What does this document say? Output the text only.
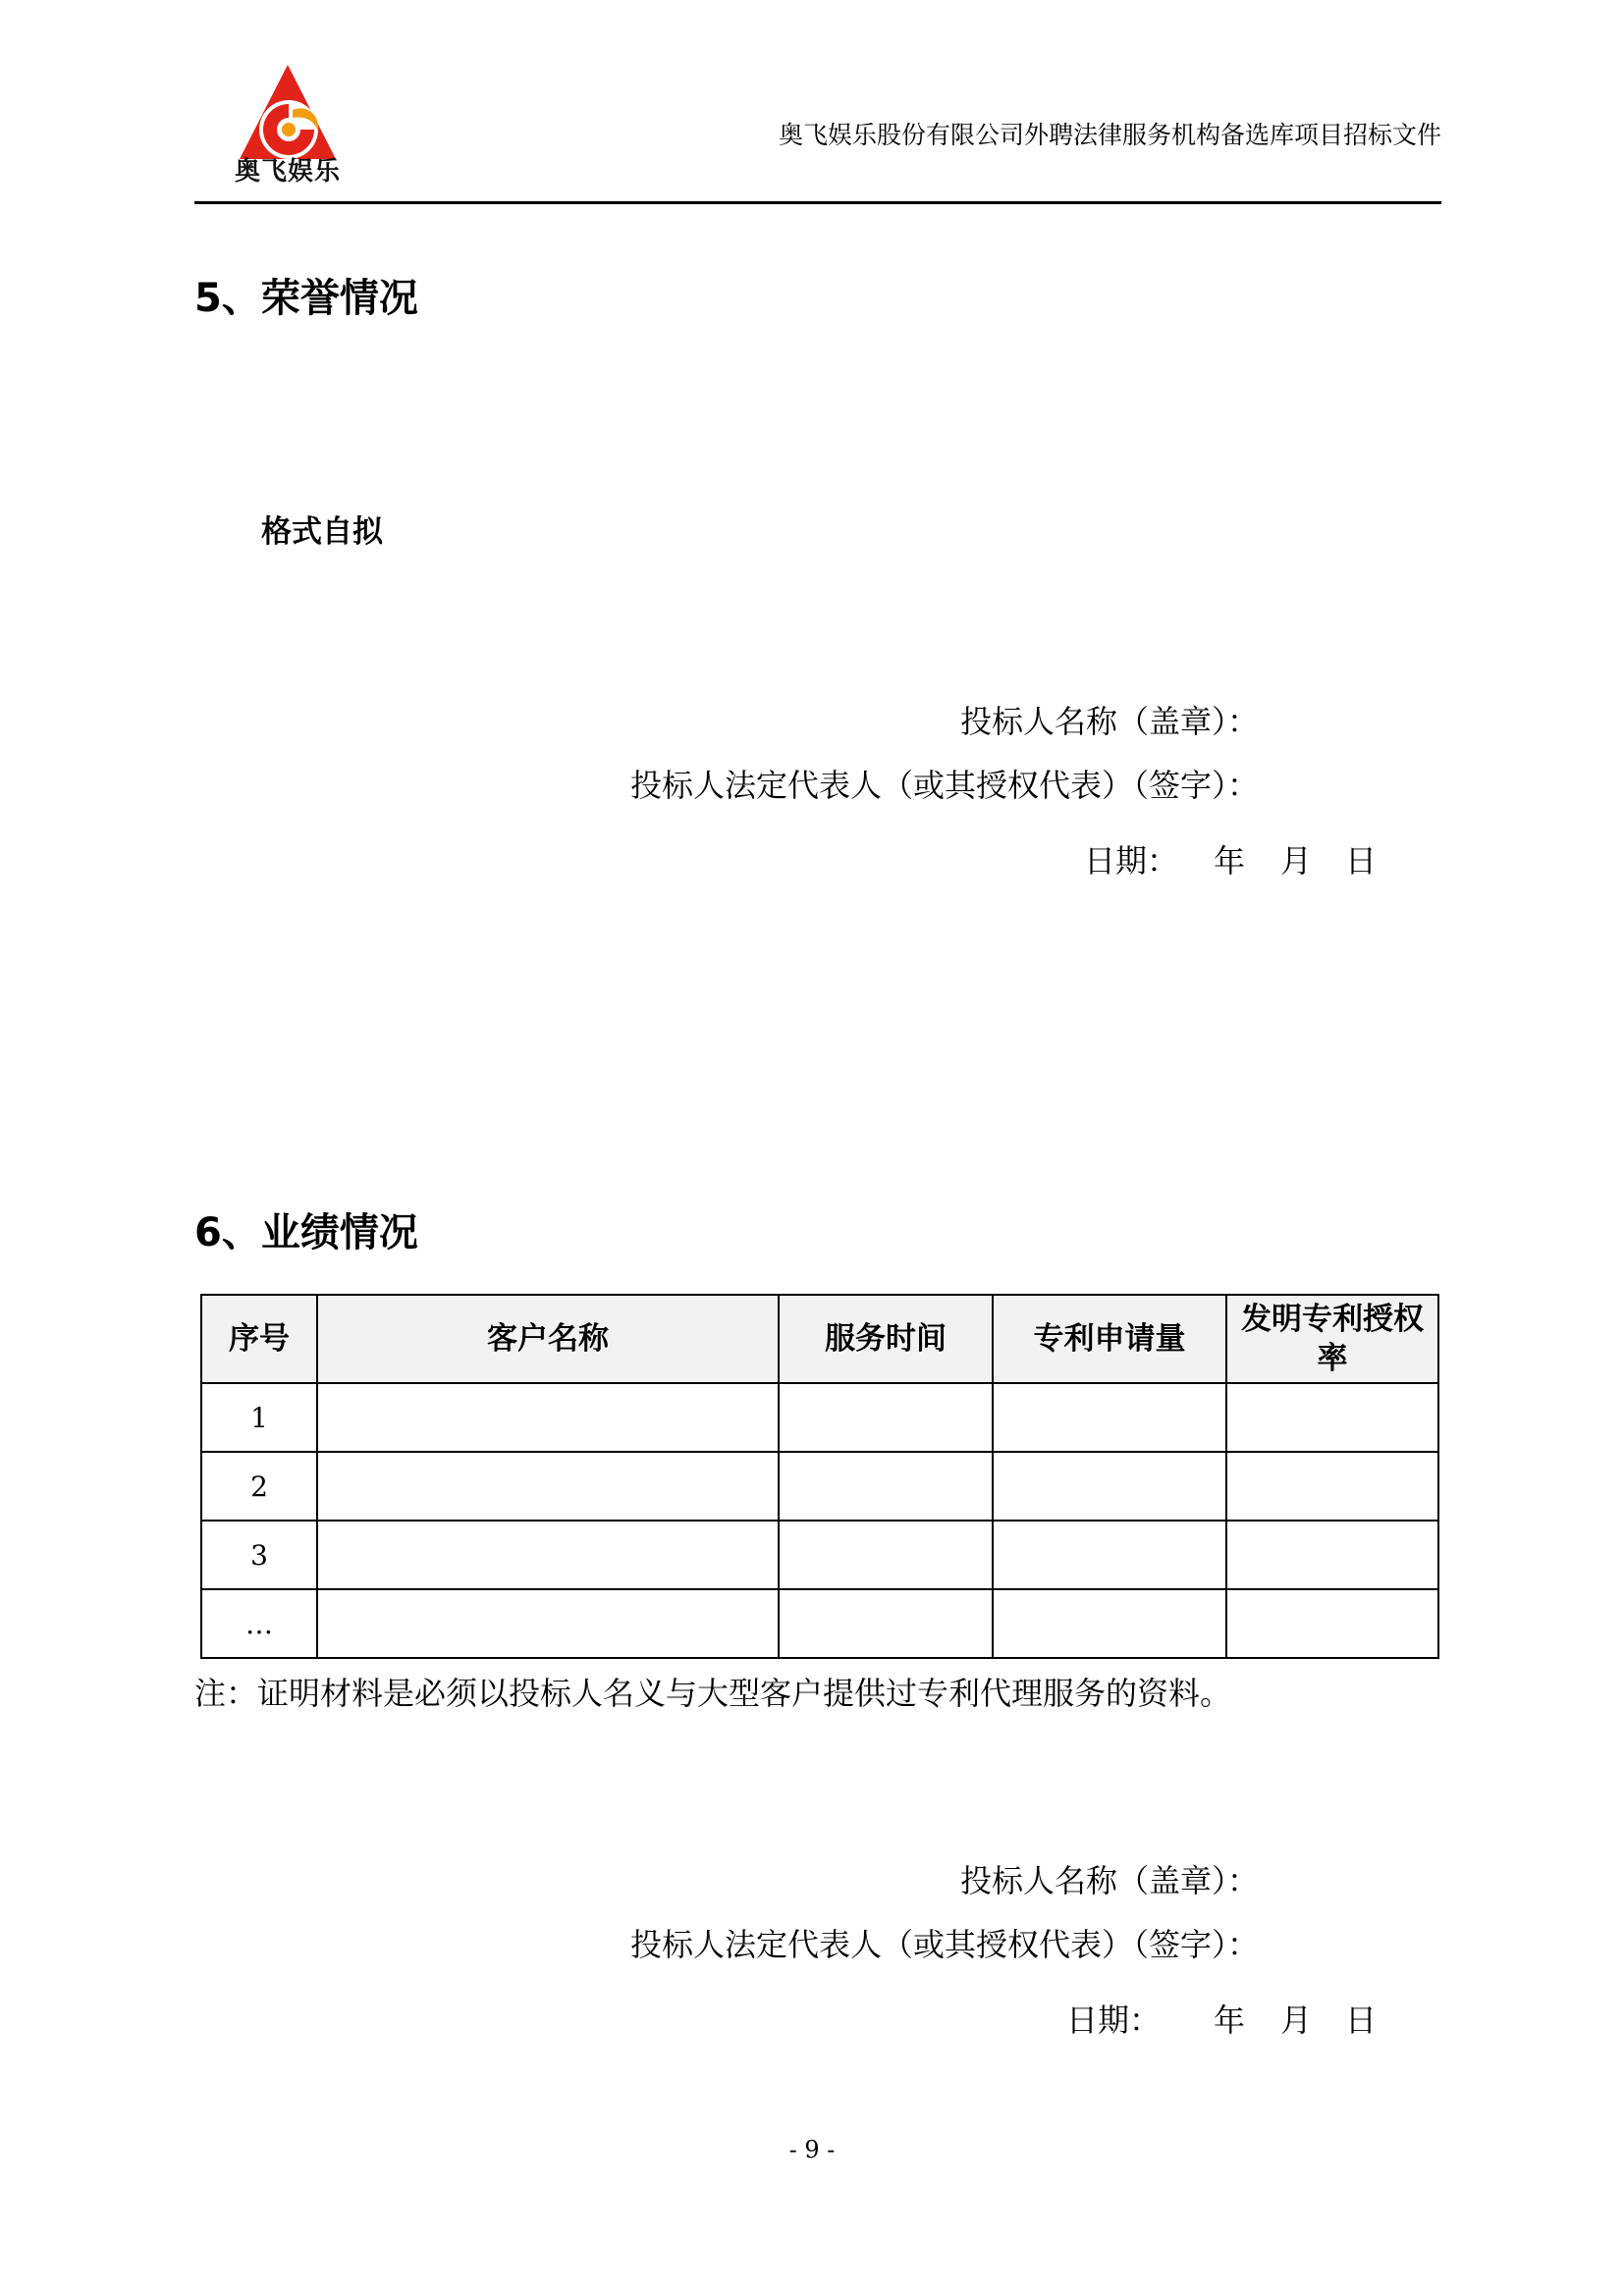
奥飞娱乐
奥飞娱乐股份有限公司外聘法律服务机构备选库项目招标文件
5、荣誉情况
格式自拟
投标人名称（盖章）：
投标人法定代表人（或其授权代表）（签字）：
日期： 年 月 日
6、业绩情况
序号	客户名称	服务时间	专利申请量	发明专利授权率
1				
2				
3				
…				
注：证明材料是必须以投标人名义与大型客户提供过专利代理服务的资料。
投标人名称（盖章）：
投标人法定代表人（或其授权代表）（签字）：
日期： 年 月 日
- 9 -
